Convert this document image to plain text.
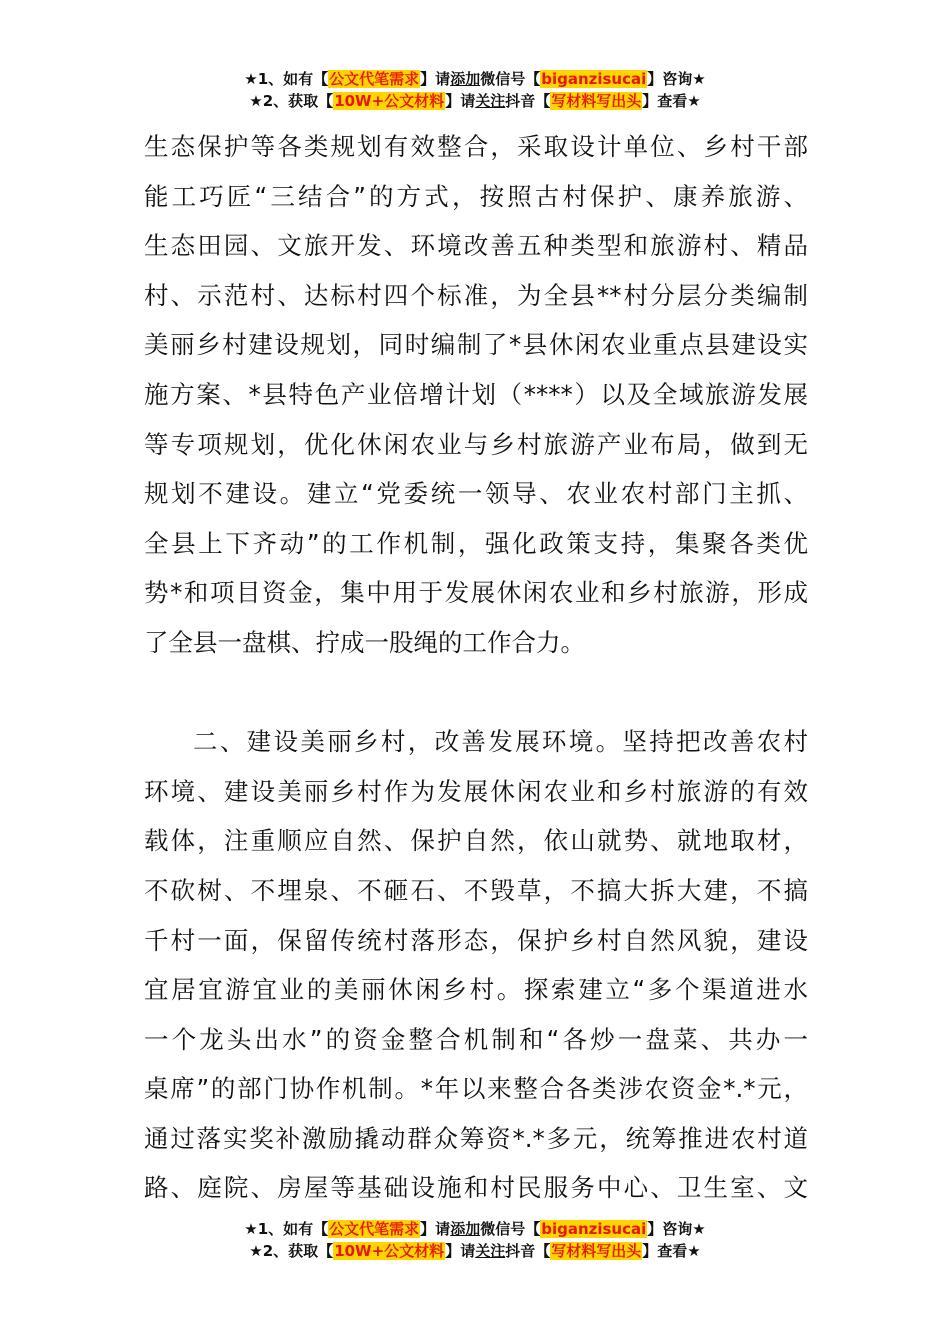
★1、如有【公文代笔需求】请添加微信号【biganzisucai】咨询★
★2、获取【10W+公文材料】请关注抖音【写材料写出头】查看★
生态保护等各类规划有效整合，采取设计单位、乡村干部
能工巧匠“三结合”的方式，按照古村保护、康养旅游、
生态田园、文旅开发、环境改善五种类型和旅游村、精品
村、示范村、达标村四个标准，为全县**村分层分类编制
美丽乡村建设规划，同时编制了*县休闲农业重点县建设实
施方案、*县特色产业倍增计划（****）以及全域旅游发展
等专项规划，优化休闲农业与乡村旅游产业布局，做到无
规划不建设。建立“党委统一领导、农业农村部门主抓、
全县上下齐动”的工作机制，强化政策支持，集聚各类优
势*和项目资金，集中用于发展休闲农业和乡村旅游，形成
了全县一盘棋、拧成一股绳的工作合力。
二、建设美丽乡村，改善发展环境。坚持把改善农村
环境、建设美丽乡村作为发展休闲农业和乡村旅游的有效
载体，注重顺应自然、保护自然，依山就势、就地取材，
不砍树、不埋泉、不砸石、不毁草，不搞大拆大建，不搞
千村一面，保留传统村落形态，保护乡村自然风貌，建设
宜居宜游宜业的美丽休闲乡村。探索建立“多个渠道进水
一个龙头出水”的资金整合机制和“各炒一盘菜、共办一
桌席”的部门协作机制。*年以来整合各类涉农资金*.*元，
通过落实奖补激励撬动群众筹资*.*多元，统筹推进农村道
路、庭院、房屋等基础设施和村民服务中心、卫生室、文
★1、如有【公文代笔需求】请添加微信号【biganzisucai】咨询★
★2、获取【10W+公文材料】请关注抖音【写材料写出头】查看★
